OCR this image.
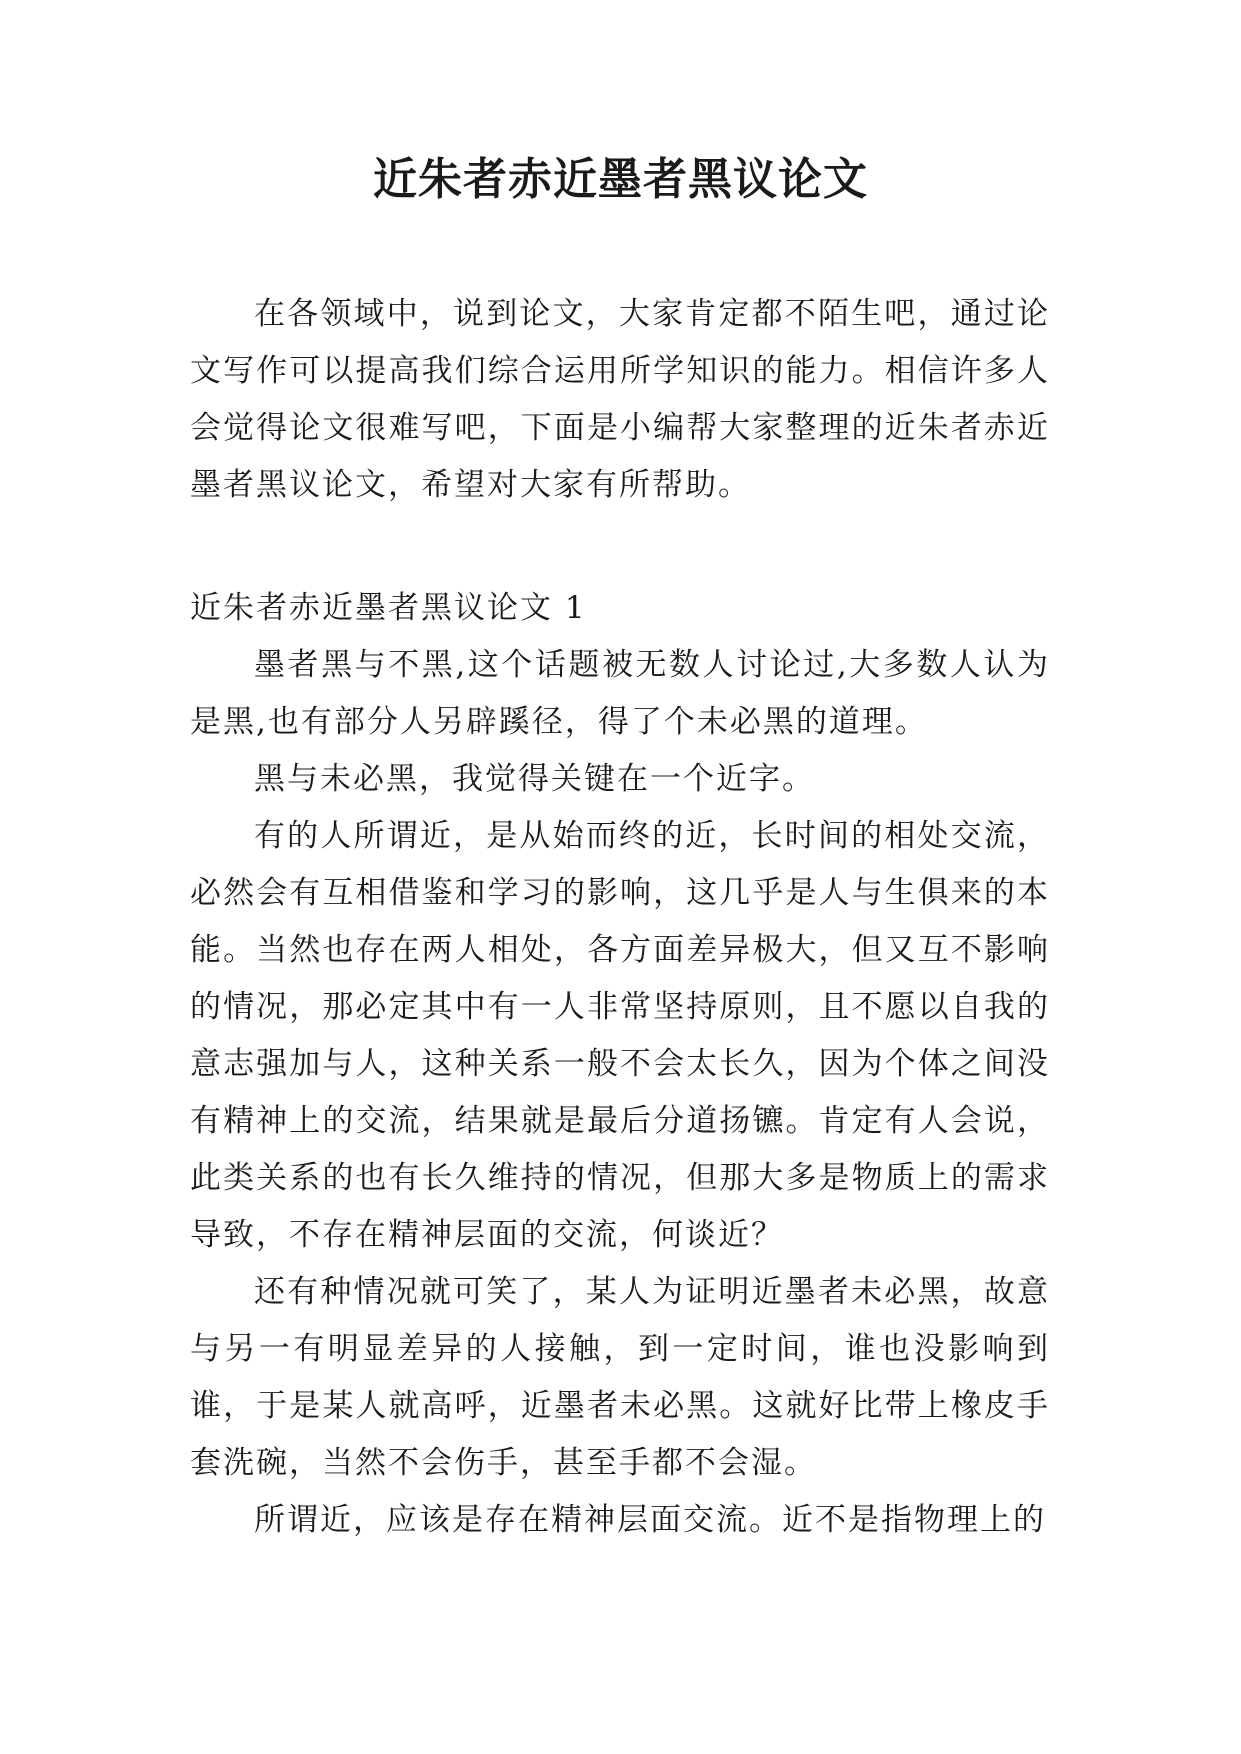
近朱者赤近墨者黑议论文

在各领域中，说到论文，大家肯定都不陌生吧，通过论文写作可以提高我们综合运用所学知识的能力。相信许多人会觉得论文很难写吧，下面是小编帮大家整理的近朱者赤近墨者黑议论文，希望对大家有所帮助。

近朱者赤近墨者黑议论文 1

墨者黑与不黑,这个话题被无数人讨论过,大多数人认为是黑,也有部分人另辟蹊径，得了个未必黑的道理。

黑与未必黑，我觉得关键在一个近字。

有的人所谓近，是从始而终的近，长时间的相处交流，必然会有互相借鉴和学习的影响，这几乎是人与生俱来的本能。当然也存在两人相处，各方面差异极大，但又互不影响的情况，那必定其中有一人非常坚持原则，且不愿以自我的意志强加与人，这种关系一般不会太长久，因为个体之间没有精神上的交流，结果就是最后分道扬镳。肯定有人会说，此类关系的也有长久维持的情况，但那大多是物质上的需求导致，不存在精神层面的交流，何谈近？

还有种情况就可笑了，某人为证明近墨者未必黑，故意与另一有明显差异的人接触，到一定时间，谁也没影响到谁，于是某人就高呼，近墨者未必黑。这就好比带上橡皮手套洗碗，当然不会伤手，甚至手都不会湿。

所谓近，应该是存在精神层面交流。近不是指物理上的
